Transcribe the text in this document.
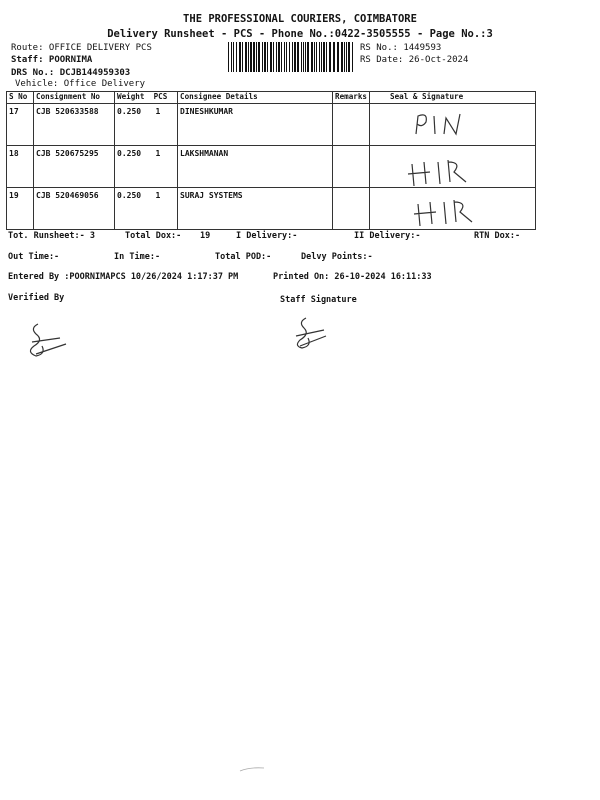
THE PROFESSIONAL COURIERS, COIMBATORE
Delivery Runsheet - PCS - Phone No.:0422-3505555 - Page No.:3
Route: OFFICE DELIVERY PCS
Staff: POORNIMA
DRS No.: DCJB144959303
Vehicle: Office Delivery
RS No.: 1449593
RS Date: 26-Oct-2024
S No	Consignment No	Weight PCS	Consignee Details	Remarks	Seal & Signature
17	CJB 520633588	0.250 1	DINESHKUMAR		
18	CJB 520675295	0.250 1	LAKSHMANAN		
19	CJB 520469056	0.250 1	SURAJ SYSTEMS		
Tot. Runsheet:- 3	Total Dox:- 19	I Delivery:-	II Delivery:-	RTN Dox:-
Out Time:-	In Time:-	Total POD:-	Delvy Points:-
Entered By :POORNIMAPCS 10/26/2024 1:17:37 PM	Printed On: 26-10-2024 16:11:33
Verified By	Staff Signature
